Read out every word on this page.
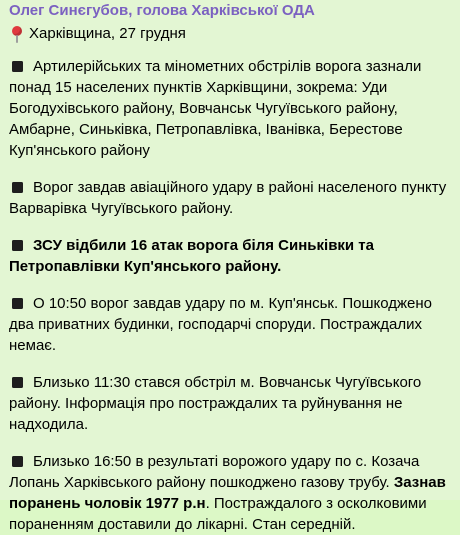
Олег Синєгубов, голова Харківської ОДА
Харківщина, 27 грудня

Артилерійських та мінометних обстрілів ворога зазнали понад 15 населених пунктів Харківщини, зокрема: Уди Богодухівського району, Вовчанськ Чугуївського району, Амбарне, Синьківка, Петропавлівка, Іванівка, Берестове Куп'янського району

Ворог завдав авіаційного удару в районі населеного пункту Варварівка Чугуївського району.

ЗСУ відбили 16 атак ворога біля Синьківки та Петропавлівки Куп'янського району.

О 10:50 ворог завдав удару по м. Куп'янськ. Пошкоджено два приватних будинки, господарчі споруди. Постраждалих немає.

Близько 11:30 стався обстріл м. Вовчанськ Чугуївського району. Інформація про постраждалих та руйнування не надходила.

Близько 16:50 в результаті ворожого удару по с. Козача Лопань Харківського району пошкоджено газову трубу. Зазнав поранень чоловік 1977 р.н. Постраждалого з осколковими пораненням доставили до лікарні. Стан середній.
